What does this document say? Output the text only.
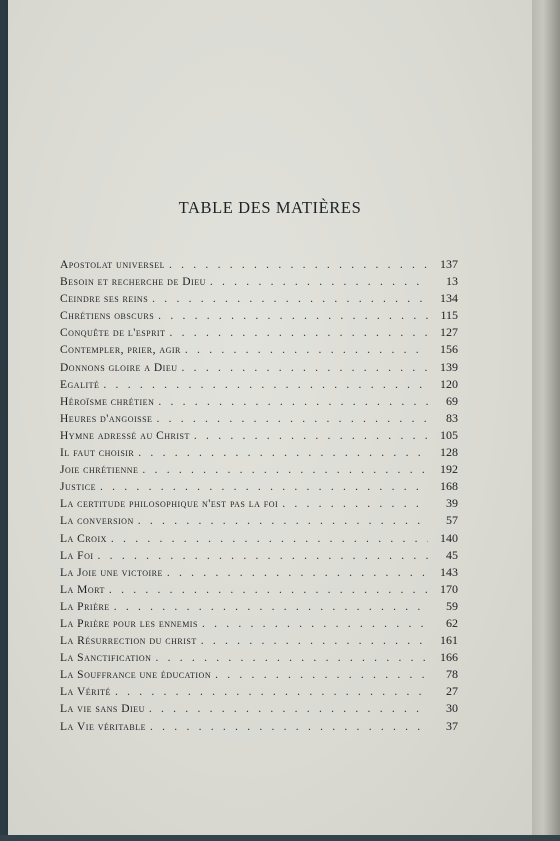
TABLE DES MATIÈRES
Apostolat universel . . .	137
Besoin et recherche de Dieu . . .	13
Ceindre ses reins . . .	134
Chrétiens obscurs . . .	115
Conquête de l'esprit . . .	127
Contempler, prier, agir . . .	156
Donnons gloire a Dieu . . .	139
Egalité . . .	120
Héroïsme chrétien . . .	69
Heures d'angoisse . . .	83
Hymne adressé au Christ . . .	105
Il faut choisir . . .	128
Joie chrétienne . . .	192
Justice . . .	168
La certitude philosophique n'est pas la foi . . .	39
La conversion . . .	57
La Croix . . .	140
La Foi . . .	45
La Joie une victoire . . .	143
La Mort . . .	170
La Prière . . .	59
La Prière pour les ennemis . . .	62
La Résurrection du christ . . .	161
La Sanctification . . .	166
La Souffrance une éducation . . .	78
La Vérité . . .	27
La vie sans Dieu . . .	30
La Vie véritable . . .	37
